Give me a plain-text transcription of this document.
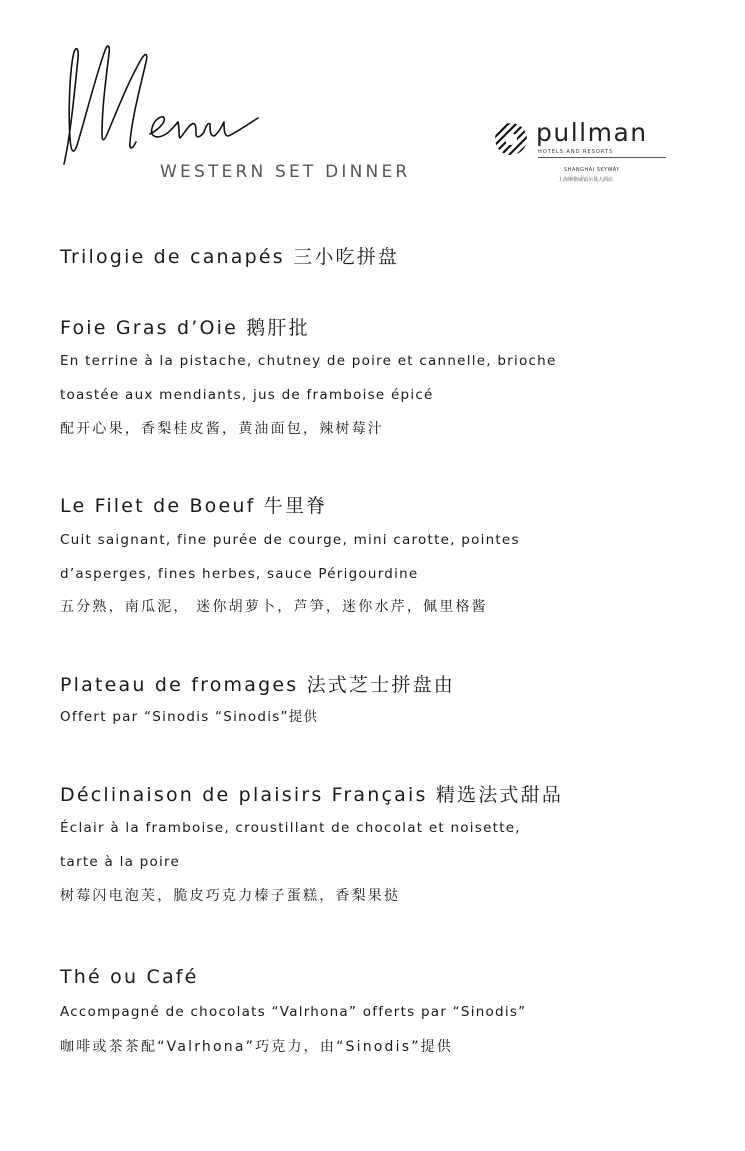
WESTERN SET DINNER
pullman
HOTELS AND RESORTS
SHANGHAI SKYWAY
上海斯格威铂尔曼大酒店
Trilogie de canapés 三小吃拼盘
Foie Gras d’Oie 鹅肝批
En terrine à la pistache, chutney de poire et cannelle, brioche
toastée aux mendiants, jus de framboise épicé
配开心果，香梨桂皮酱，黄油面包，辣树莓汁
Le Filet de Boeuf 牛里脊
Cuit saignant, fine purée de courge, mini carotte, pointes
d’asperges, fines herbes, sauce Périgourdine
五分熟，南瓜泥， 迷你胡萝卜，芦笋，迷你水芹，佩里格酱
Plateau de fromages 法式芝士拼盘由
Offert par “Sinodis “Sinodis”提供
Déclinaison de plaisirs Français 精选法式甜品
Éclair à la framboise, croustillant de chocolat et noisette,
tarte à la poire
树莓闪电泡芙，脆皮巧克力榛子蛋糕，香梨果挞
Thé ou Café
Accompagné de chocolats “Valrhona” offerts par “Sinodis”
咖啡或茶茶配“Valrhona”巧克力，由“Sinodis”提供
